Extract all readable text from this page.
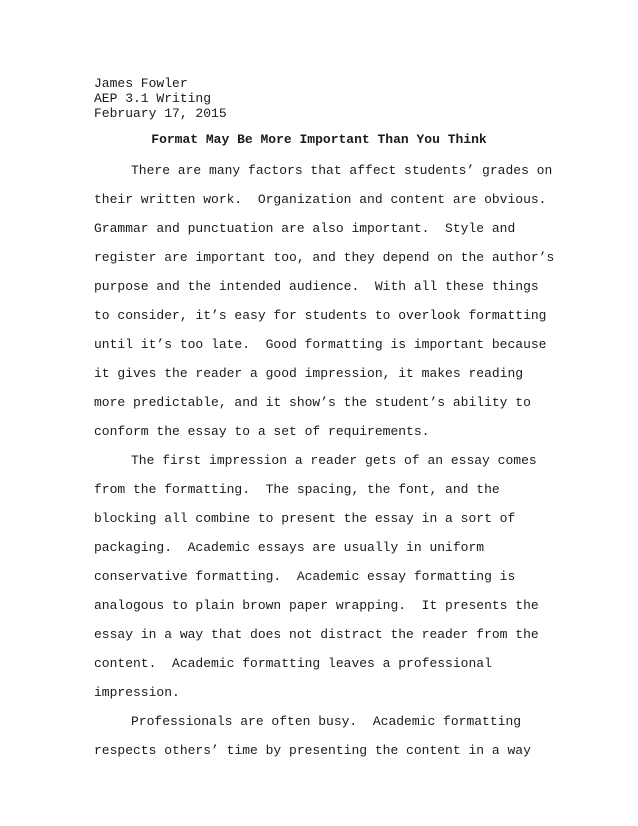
James Fowler
AEP 3.1 Writing
February 17, 2015
Format May Be More Important Than You Think
There are many factors that affect students’ grades on
their written work.  Organization and content are obvious.
Grammar and punctuation are also important.  Style and
register are important too, and they depend on the author’s
purpose and the intended audience.  With all these things
to consider, it’s easy for students to overlook formatting
until it’s too late.  Good formatting is important because
it gives the reader a good impression, it makes reading
more predictable, and it show’s the student’s ability to
conform the essay to a set of requirements.
The first impression a reader gets of an essay comes
from the formatting.  The spacing, the font, and the
blocking all combine to present the essay in a sort of
packaging.  Academic essays are usually in uniform
conservative formatting.  Academic essay formatting is
analogous to plain brown paper wrapping.  It presents the
essay in a way that does not distract the reader from the
content.  Academic formatting leaves a professional
impression.
Professionals are often busy.  Academic formatting
respects others’ time by presenting the content in a way
